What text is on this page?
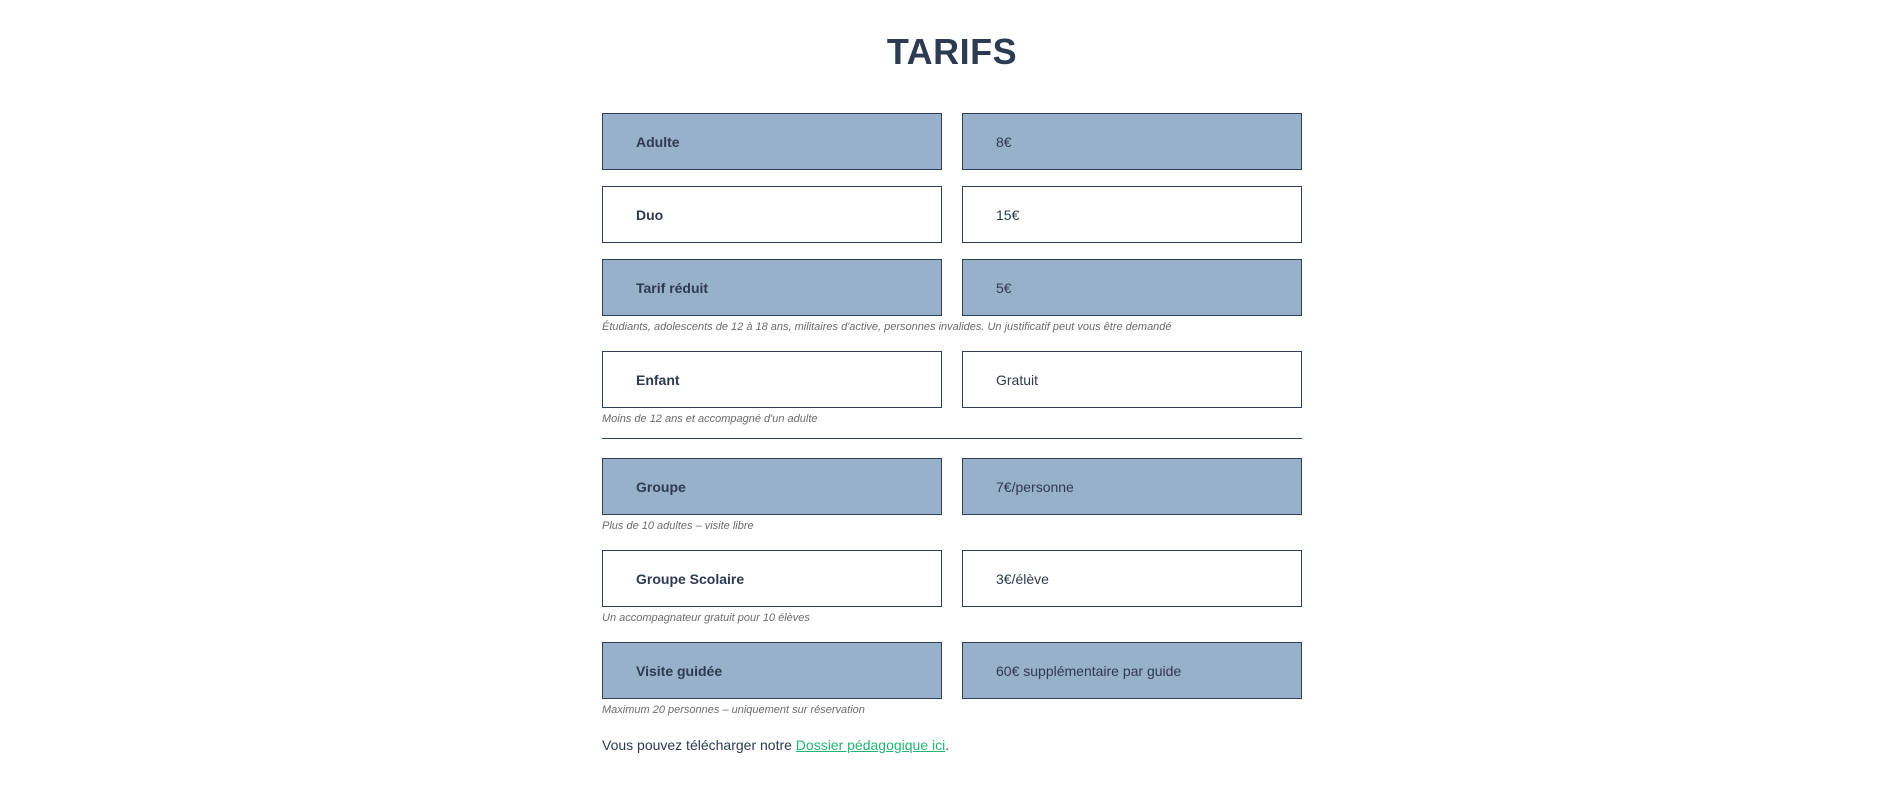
TARIFS
Adulte	8€
Duo	15€
Tarif réduit	5€
Étudiants, adolescents de 12 à 18 ans, militaires d'active, personnes invalides. Un justificatif peut vous être demandé
Enfant	Gratuit
Moins de 12 ans et accompagné d'un adulte
Groupe	7€/personne
Plus de 10 adultes – visite libre
Groupe Scolaire	3€/élève
Un accompagnateur gratuit pour 10 élèves
Visite guidée	60€ supplémentaire par guide
Maximum 20 personnes – uniquement sur réservation
Vous pouvez télécharger notre Dossier pédagogique ici.
